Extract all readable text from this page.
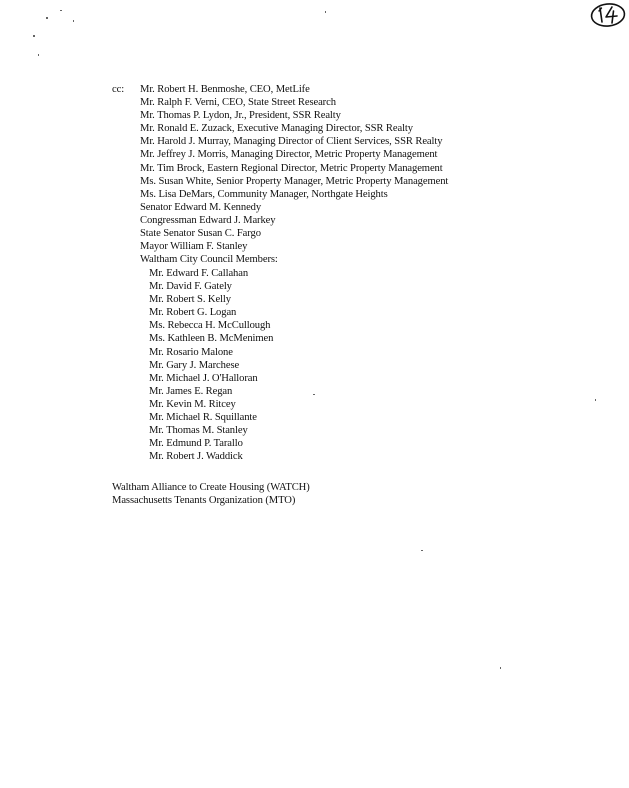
cc: Mr. Robert H. Benmoshe, CEO, MetLife
Mr. Ralph F. Verni, CEO, State Street Research
Mr. Thomas P. Lydon, Jr., President, SSR Realty
Mr. Ronald E. Zuzack, Executive Managing Director, SSR Realty
Mr. Harold J. Murray, Managing Director of Client Services, SSR Realty
Mr. Jeffrey J. Morris, Managing Director, Metric Property Management
Mr. Tim Brock, Eastern Regional Director, Metric Property Management
Ms. Susan White, Senior Property Manager, Metric Property Management
Ms. Lisa DeMars, Community Manager, Northgate Heights
Senator Edward M. Kennedy
Congressman Edward J. Markey
State Senator Susan C. Fargo
Mayor William F. Stanley
Waltham City Council Members:
Mr. Edward F. Callahan
Mr. David F. Gately
Mr. Robert S. Kelly
Mr. Robert G. Logan
Ms. Rebecca H. McCullough
Ms. Kathleen B. McMenimen
Mr. Rosario Malone
Mr. Gary J. Marchese
Mr. Michael J. O'Halloran
Mr. James E. Regan
Mr. Kevin M. Ritcey
Mr. Michael R. Squillante
Mr. Thomas M. Stanley
Mr. Edmund P. Tarallo
Mr. Robert J. Waddick
Waltham Alliance to Create Housing (WATCH)
Massachusetts Tenants Organization (MTO)
